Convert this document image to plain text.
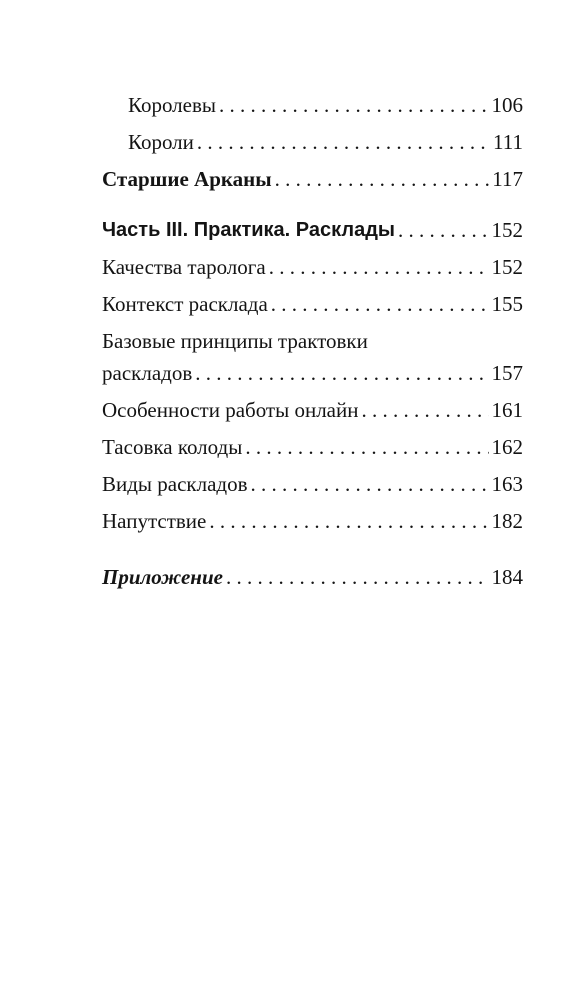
Королевы . . .	106
Короли . . .	111
Старшие Арканы . . .	117
Часть III. Практика. Расклады . . .	152
Качества таролога . . .	152
Контекст расклада . . .	155
Базовые принципы трактовки
раскладов . . .	157
Особенности работы онлайн . . .	161
Тасовка колоды . . .	162
Виды раскладов . . .	163
Напутствие . . .	182
Приложение . . .	184
